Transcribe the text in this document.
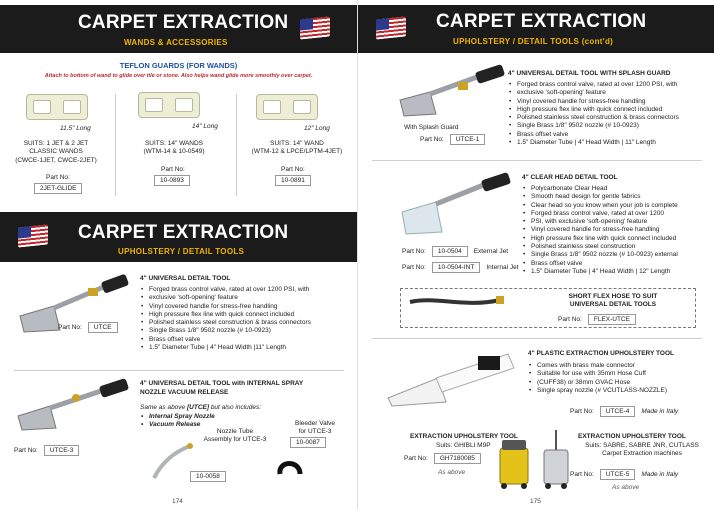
CARPET EXTRACTION
WANDS & ACCESSORIES
TEFLON GUARDS (FOR WANDS)
Attach to bottom of wand to glide over tile or stone. Also helps wand glide more smoothly over carpet.
11.5" Long
SUITS: 1 JET & 2 JET
CLASSIC WANDS
(CWCE-1JET, CWCE-2JET)
Part No:
2JET-GLIDE
14" Long
SUITS: 14" WANDS
(WTM-14 & 10-0549)
Part No:
10-0893
12" Long
SUITS: 14" WAND
(WTM-12 & LPCE/LPTM-4JET)
Part No:
10-0891
CARPET EXTRACTION
UPHOLSTERY / DETAIL TOOLS
Part No:	UTCE
4" UNIVERSAL DETAIL TOOL
• Forged brass control valve, rated at over 1200 PSI, with
• exclusive 'soft-opening' feature
• Vinyl covered handle for stress-free handling
• High pressure flex line with quick connect included
• Polished stainless steel construction & brass connectors
• Single Brass 1/8" 9502 nozzle (# 10-0923)
• Brass offset valve
• 1.5" Diameter Tube | 4" Head Width |11" Length
4" UNIVERSAL DETAIL TOOL with INTERNAL SPRAY
NOZZLE VACUUM RELEASE
Same as above [UTCE] but also includes:
• Internal Spray Nozzle
• Vacuum Release
Part No:	UTCE-3
Nozzle Tube
Assembly for UTCE-3
10-0058
Bleeder Valve
for UTCE-3
10-0087
174
CARPET EXTRACTION
UPHOLSTERY / DETAIL TOOLS (cont'd)
With Splash Guard
Part No:	UTCE-1
4" UNIVERSAL DETAIL TOOL WITH SPLASH GUARD
• Forged brass control valve, rated at over 1200 PSI, with
• exclusive 'soft-opening' feature
• Vinyl covered handle for stress-free handling
• High pressure flex line with quick connect included
• Polished stainless steel construction & brass connectors
• Single Brass 1/8" 9502 nozzle (# 10-0923)
• Brass offset valve
• 1.5" Diameter Tube | 4" Head Width | 11" Length
Part No:	10-0504	External Jet
Part No:	10-0504-INT	Internal Jet
4" CLEAR HEAD DETAIL TOOL
• Polycarbonate Clear Head
• Smooth head design for gentle fabrics
• Clear head so you know when your job is complete
• Forged brass control valve, rated at over 1200
• PSI, with exclusive 'soft-opening' feature
• Vinyl covered handle for stress-free handling
• High pressure flex line with quick connect included
• Polished stainless steel construction
• Single Brass 1/8" 9502 nozzle (# 10-0923) external
• Brass offset valve
• 1.5" Diameter Tube | 4" Head Width | 12" Length
SHORT FLEX HOSE TO SUIT
UNIVERSAL DETAIL TOOLS
Part No:	FLEX-UTCE
4" PLASTIC EXTRACTION UPHOLSTERY TOOL
• Comes with brass male connector
• Suitable for use with 35mm Hose Cuff
• (CUFF38) or 38mm GVAC Hose
• Single spray nozzle (# VCUTLASS-NOZZLE)
Part No:	UTCE-4	Made in Italy
EXTRACTION UPHOLSTERY TOOL
Suits: GHIBLI M9P
Part No:	GH7180085
As above
EXTRACTION UPHOLSTERY TOOL
Suits: SABRE, SABRE JNR, CUTLASS
Carpet Extraction machines
Part No:	UTCE-5	Made in Italy
As above
175
